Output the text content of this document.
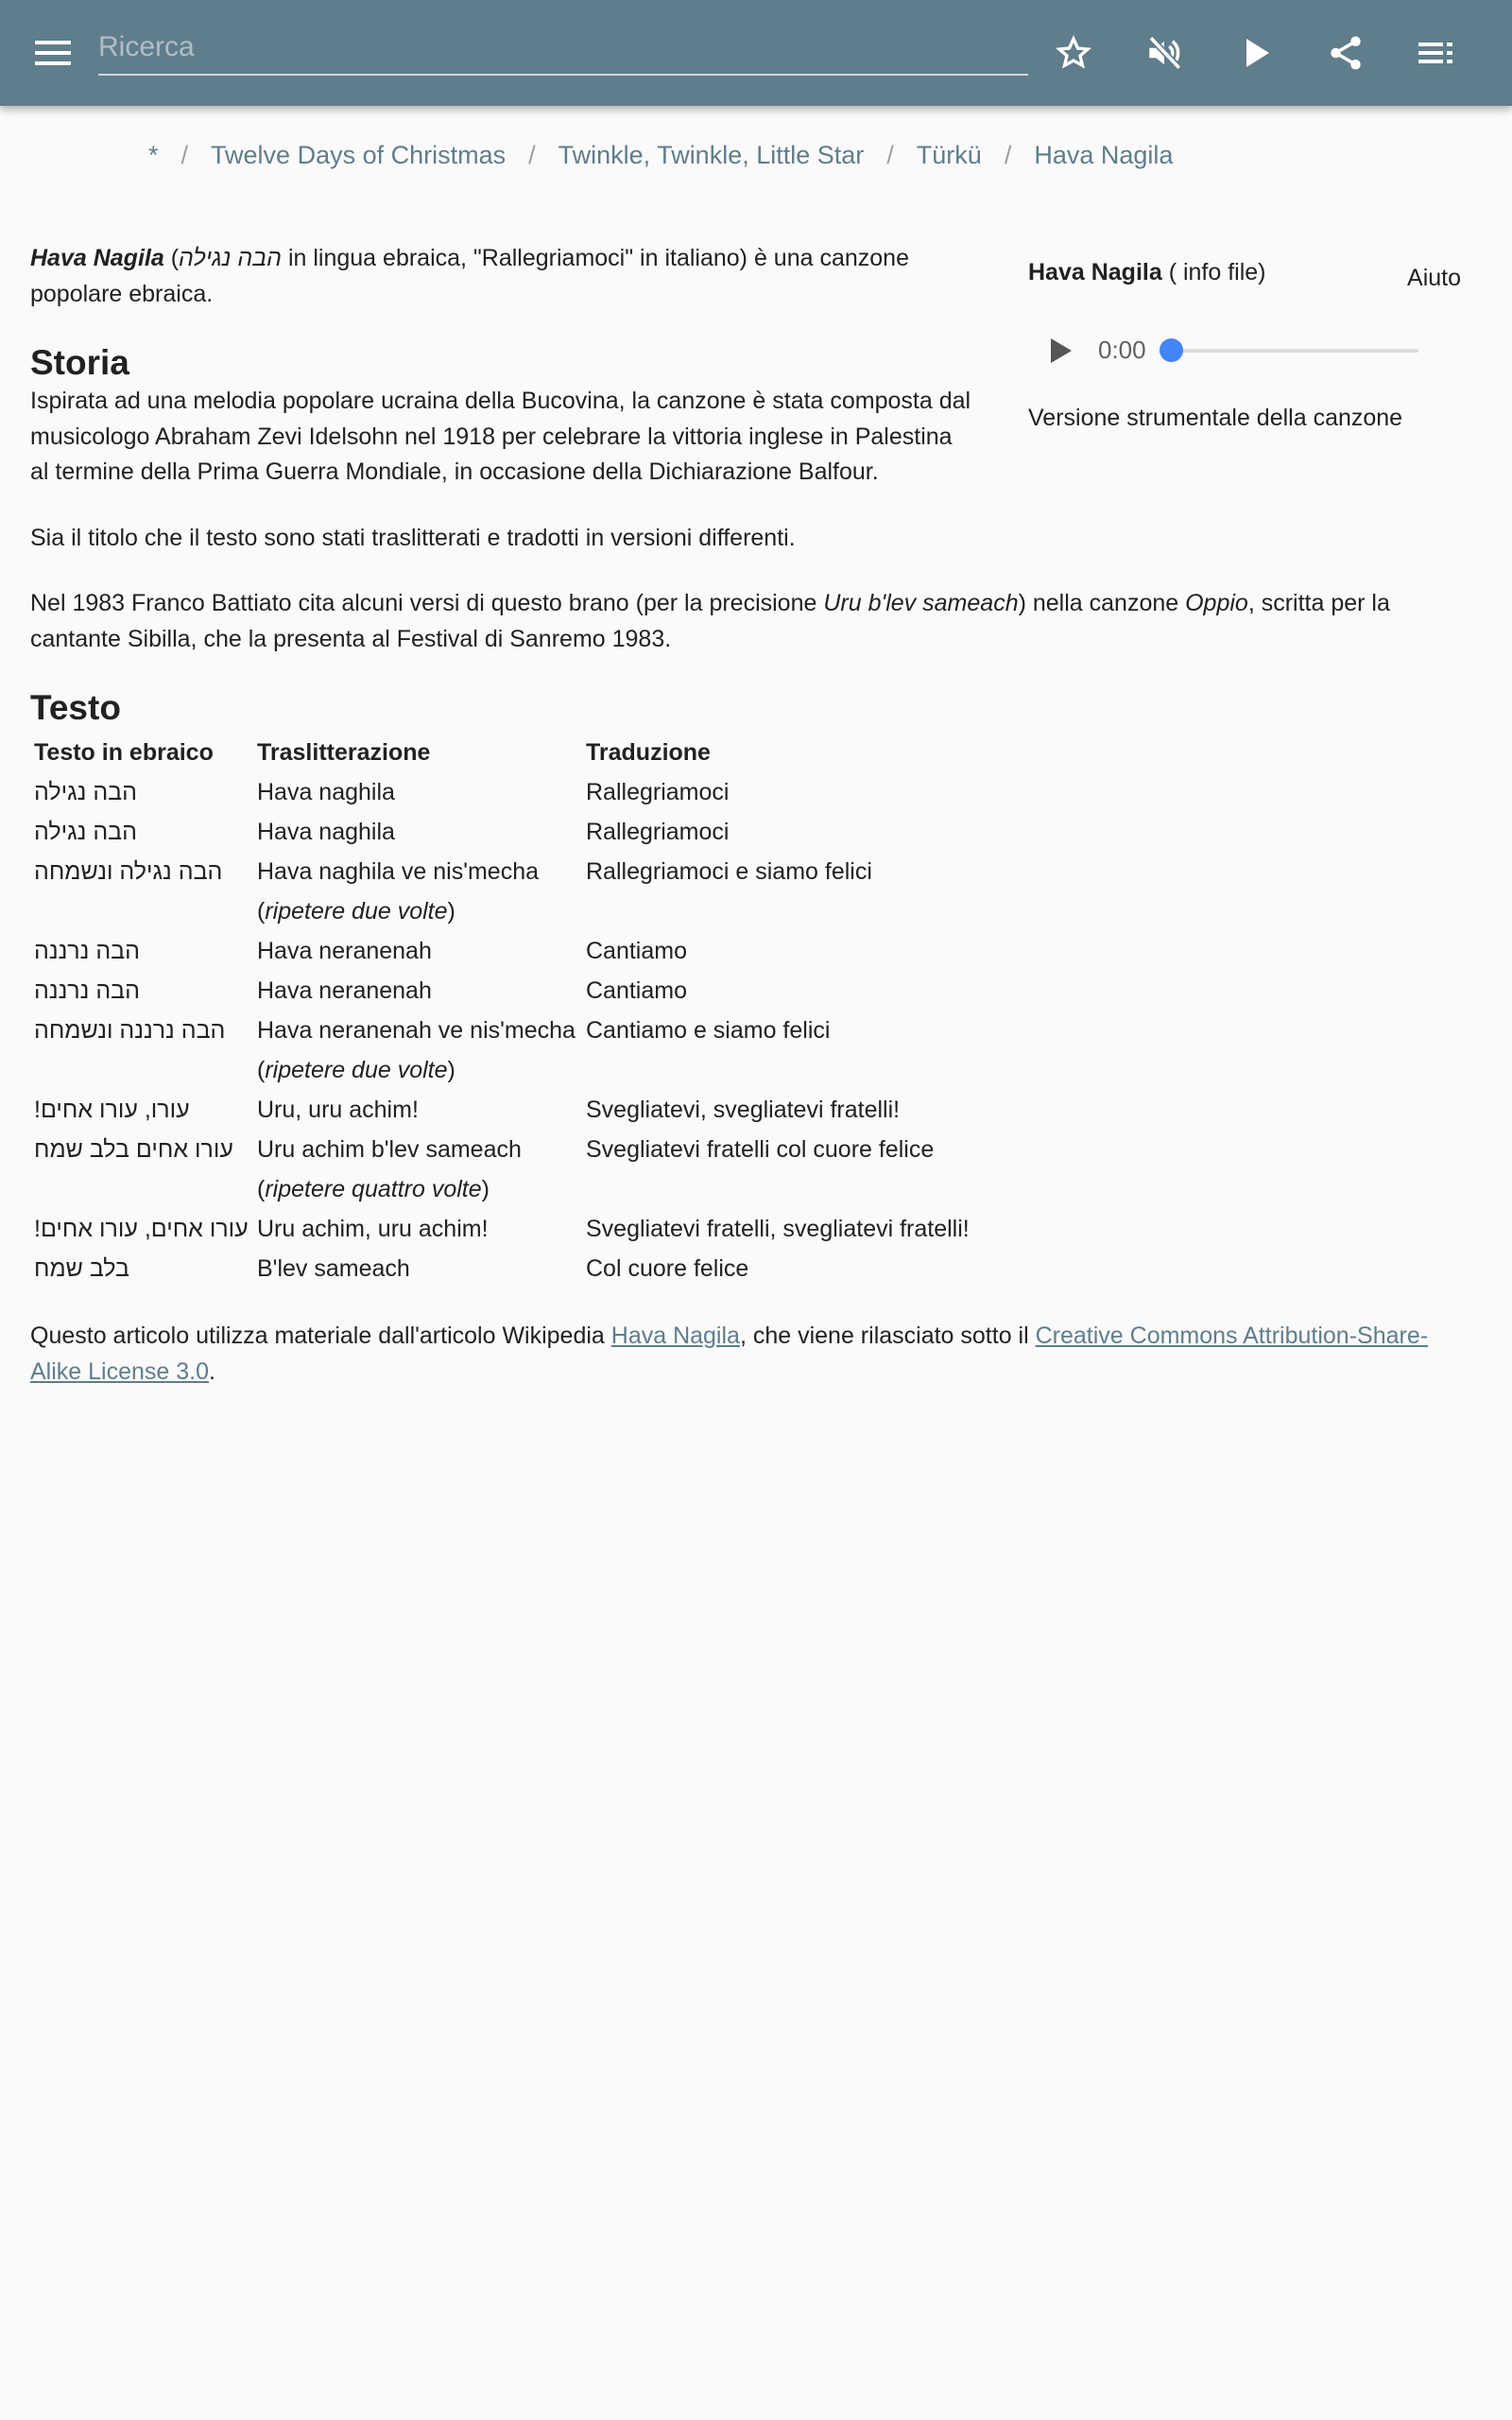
Ricerca
* / Twelve Days of Christmas / Twinkle, Twinkle, Little Star / Türkü / Hava Nagila
Hava Nagila ( info file)	Aiuto
0:00
Versione strumentale della canzone

Hava Nagila (הבה נגילה in lingua ebraica, "Rallegriamoci" in italiano) è una canzone popolare ebraica.

Storia

Ispirata ad una melodia popolare ucraina della Bucovina, la canzone è stata composta dal musicologo Abraham Zevi Idelsohn nel 1918 per celebrare la vittoria inglese in Palestina al termine della Prima Guerra Mondiale, in occasione della Dichiarazione Balfour.

Sia il titolo che il testo sono stati traslitterati e tradotti in versioni differenti.

Nel 1983 Franco Battiato cita alcuni versi di questo brano (per la precisione Uru b'lev sameach) nella canzone Oppio, scritta per la cantante Sibilla, che la presenta al Festival di Sanremo 1983.

Testo
Testo in ebraico	Traslitterazione	Traduzione
הבה נגילה	Hava naghila	Rallegriamoci
הבה נגילה	Hava naghila	Rallegriamoci
הבה נגילה ונשמחה	Hava naghila ve nis'mecha	Rallegriamoci e siamo felici
	(ripetere due volte)	
הבה נרננה	Hava neranenah	Cantiamo
הבה נרננה	Hava neranenah	Cantiamo
הבה נרננה ונשמחה	Hava neranenah ve nis'mecha	Cantiamo e siamo felici
	(ripetere due volte)	
עורו, עורו אחים!	Uru, uru achim!	Svegliatevi, svegliatevi fratelli!
עורו אחים בלב שמח	Uru achim b'lev sameach	Svegliatevi fratelli col cuore felice
	(ripetere quattro volte)	
עורו אחים, עורו אחים!	Uru achim, uru achim!	Svegliatevi fratelli, svegliatevi fratelli!
בלב שמח	B'lev sameach	Col cuore felice

Questo articolo utilizza materiale dall'articolo Wikipedia Hava Nagila, che viene rilasciato sotto il Creative Commons Attribution-Share-Alike License 3.0.
